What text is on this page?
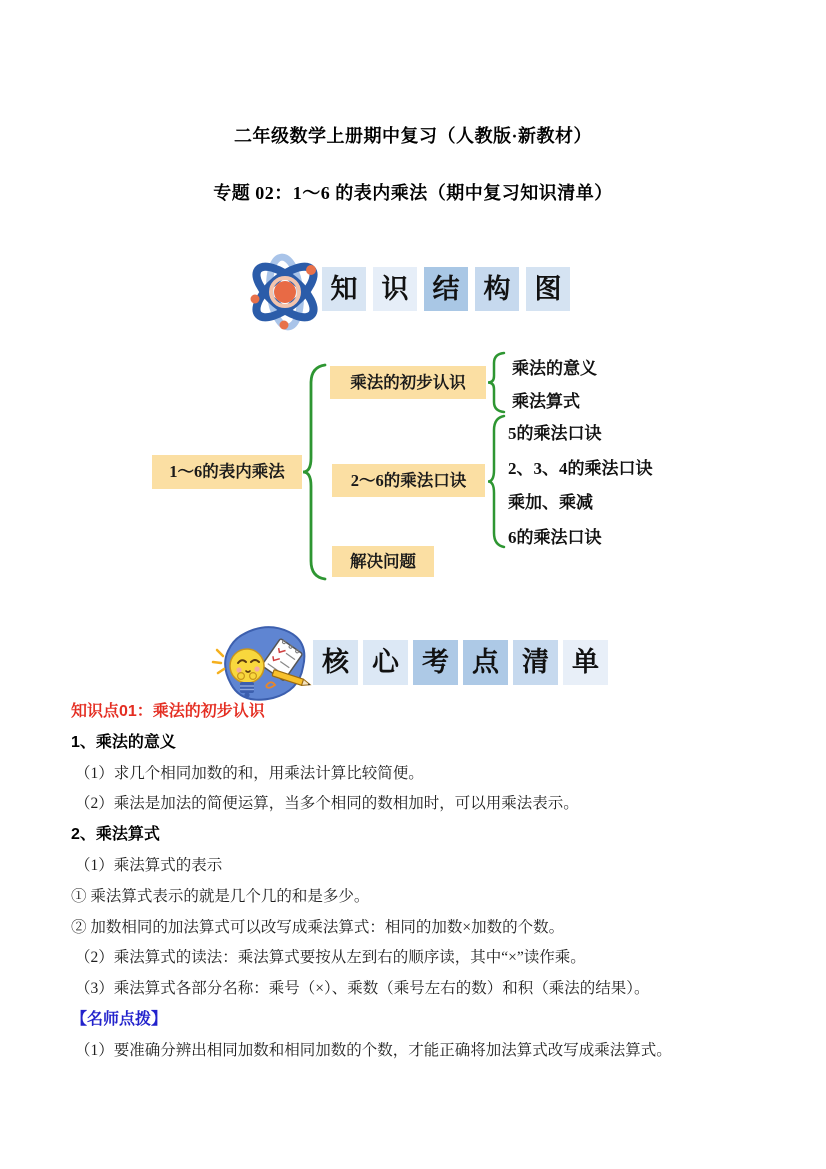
二年级数学上册期中复习（人教版·新教材）
专题 02：1～6 的表内乘法（期中复习知识清单）
知 识 结 构 图
1～6的表内乘法
乘法的初步认识
乘法的意义
乘法算式
2～6的乘法口诀
5的乘法口诀
2、3、4的乘法口诀
乘加、乘减
6的乘法口诀
解决问题
核 心 考 点 清 单
知识点01：乘法的初步认识
1、乘法的意义
（1）求几个相同加数的和，用乘法计算比较简便。
（2）乘法是加法的简便运算，当多个相同的数相加时，可以用乘法表示。
2、乘法算式
（1）乘法算式的表示
① 乘法算式表示的就是几个几的和是多少。
② 加数相同的加法算式可以改写成乘法算式：相同的加数×加数的个数。
（2）乘法算式的读法：乘法算式要按从左到右的顺序读，其中“×”读作乘。
（3）乘法算式各部分名称：乘号（×）、乘数（乘号左右的数）和积（乘法的结果）。
【名师点拨】
（1）要准确分辨出相同加数和相同加数的个数，才能正确将加法算式改写成乘法算式。
